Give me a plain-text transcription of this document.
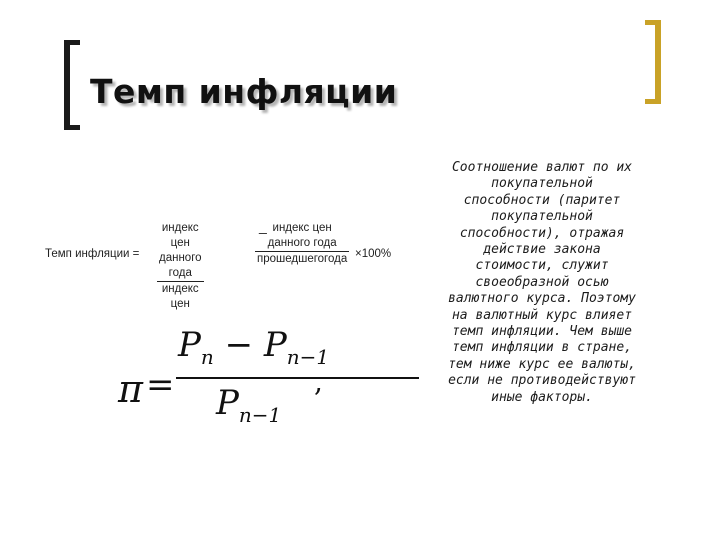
Темп инфляции
Темп инфляции =
индекс цен
данного года
индекс цен
_ индекс цен
данного года
прошедшегогода ×100%
π =
$P_n - P_{n-1}$
$P_{n-1}$
,
Соотношение валют по их
покупательной
способности (паритет
покупательной
способности), отражая
действие закона
стоимости, служит
своеобразной осью
валютного курса. Поэтому
на валютный курс влияет
темп инфляции. Чем выше
темп инфляции в стране,
тем ниже курс ее валюты,
если не противодействуют
иные факторы.
